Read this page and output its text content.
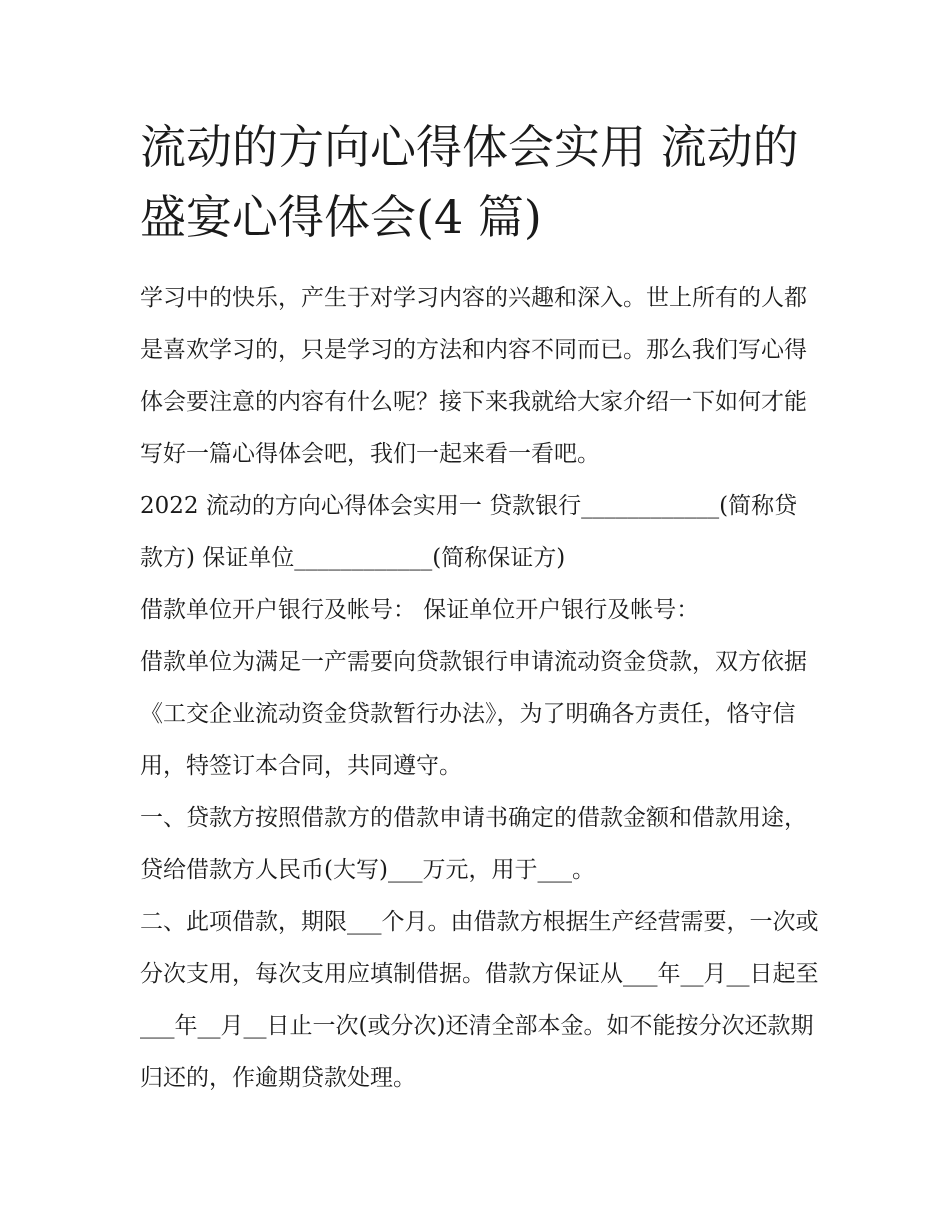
流动的方向心得体会实用 流动的盛宴心得体会(4 篇)

学习中的快乐，产生于对学习内容的兴趣和深入。世上所有的人都是喜欢学习的，只是学习的方法和内容不同而已。那么我们写心得体会要注意的内容有什么呢？接下来我就给大家介绍一下如何才能写好一篇心得体会吧，我们一起来看一看吧。

2022 流动的方向心得体会实用一 贷款银行____________(简称贷款方) 保证单位____________(简称保证方)

借款单位开户银行及帐号： 保证单位开户银行及帐号：

借款单位为满足一产需要向贷款银行申请流动资金贷款，双方依据《工交企业流动资金贷款暂行办法》，为了明确各方责任，恪守信用，特签订本合同，共同遵守。

一、贷款方按照借款方的借款申请书确定的借款金额和借款用途，贷给借款方人民币(大写)___万元，用于___。

二、此项借款，期限___个月。由借款方根据生产经营需要，一次或分次支用，每次支用应填制借据。借款方保证从___年__月__日起至___年__月__日止一次(或分次)还清全部本金。如不能按分次还款期归还的，作逾期贷款处理。
